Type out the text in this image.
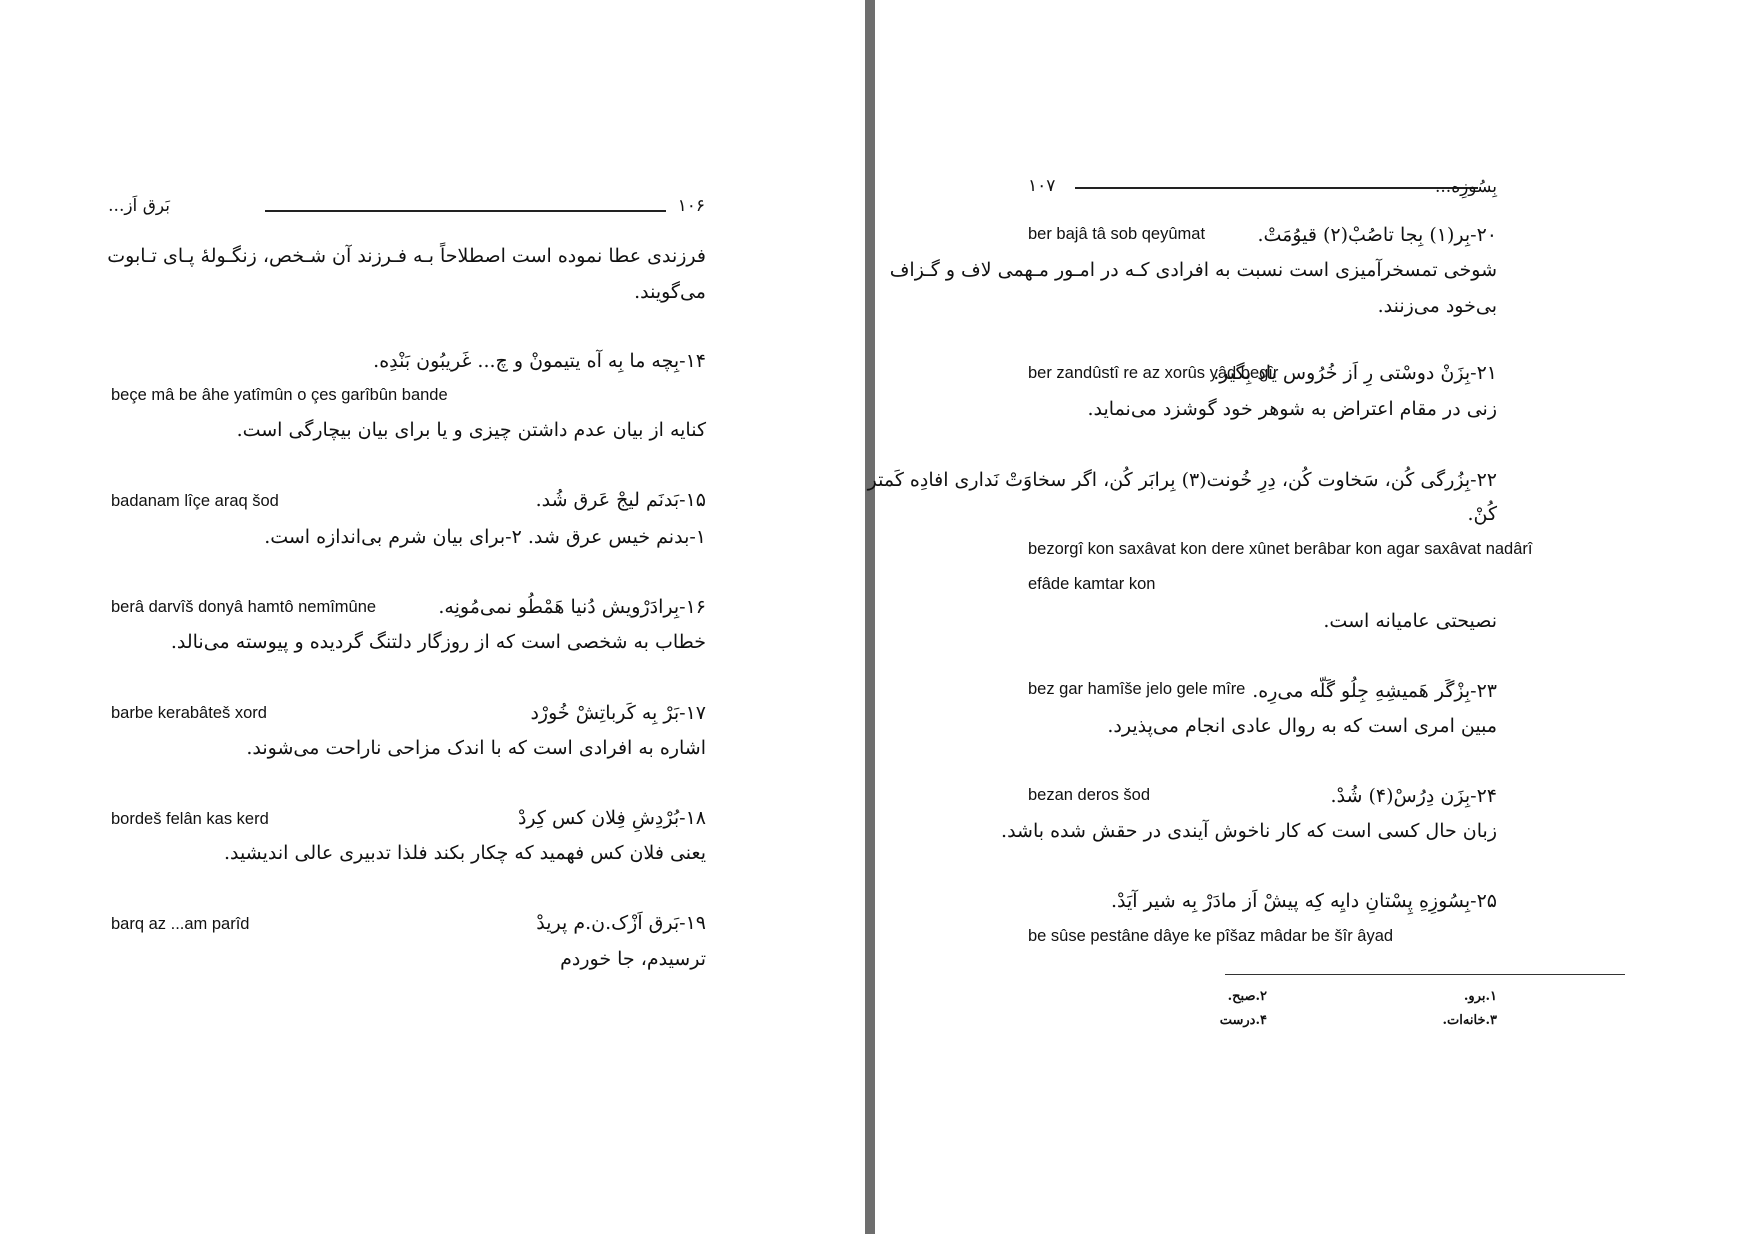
۱۰۶
بَرق اَز...
فرزندی عطا نموده است اصطلاحاً بـه فـرزند آن شـخص، زنگـولهٔ پـای تـابوت
می‌گویند.
۱۴-بِچه ما بِه آه یتیمونْ و چ... غَریبُون بَنْدِه.
beçe mâ be âhe yatîmûn o çes garîbûn bande
کنایه از بیان عدم داشتن چیزی و یا برای بیان بیچارگی است.
۱۵-بَدنَم لیجْ عَرق شُد.
badanam lîçe araq šod
۱-بدنم خیس عرق شد. ۲-برای بیان شرم بی‌اندازه است.
۱۶-بِرادَرْویش دُنیا هَمْطُو نمی‌مُونِه.
berâ darvîš donyâ hamtô nemîmûne
خطاب به شخصی است که از روزگار دلتنگ گردیده و پیوسته می‌نالد.
۱۷-بَرْ بِه کَرباتِشْ خُورْد
barbe kerabâteš xord
اشاره به افرادی است که با اندک مزاحی ناراحت می‌شوند.
۱۸-بُرْدِشِ فِلان کس کِردْ
bordeš felân kas kerd
یعنی فلان کس فهمید که چکار بکند فلذا تدبیری عالی اندیشید.
۱۹-بَرق اَزْ‌ک.ن.م پریدْ
barq az ...am parîd
ترسیدم، جا خوردم
۱۰۷	بِسُوزِه...
۲۰-بِر(۱) بِجا تاصُبْ(۲) قیوُمَتْ.
ber bajâ tâ sob qeyûmat
شوخی تمسخرآمیزی است نسبت به افرادی کـه در امـور مـهمی لاف و گـزاف
بی‌خود می‌زنند.
۲۱-بِزَنْ دوسْتی رِ اَز خُرُوس یاد بِگیر.
ber zandûstî re az xorûs yâd begîr
زنی در مقام اعتراض به شوهر خود گوشزد می‌نماید.
۲۲-بِزُرگی کُن، سَخاوت کُن، دِرِ خُونت(۳) بِرابَر کُن، اگر سخاوَتْ نَداری افادِه کَمتر
کُنْ.
bezorgî kon saxâvat kon dere xûnet berâbar kon agar saxâvat nadârî
efâde kamtar kon
نصیحتی عامیانه است.
۲۳-بِزْگَر هَمیشِهِ جِلُو گَلّه می‌رِه.
bez gar hamîše jelo gele mîre
مبین امری است که به روال عادی انجام می‌پذیرد.
۲۴-بِزَن دِرُسْ(۴) شُدْ.
bezan deros šod
زبان حال کسی است که کار ناخوش آیندی در حقش شده باشد.
۲۵-بِسُوزِهِ پِسْتانِ دایِه کِه پیشْ اَز مادَرْ بِه شیر آیَدْ.
be sûse pestâne dâye ke pîšaz mâdar be šîr âyad
۱.برو.
۲.صبح.
۳.خانه‌ات.
۴.درست
